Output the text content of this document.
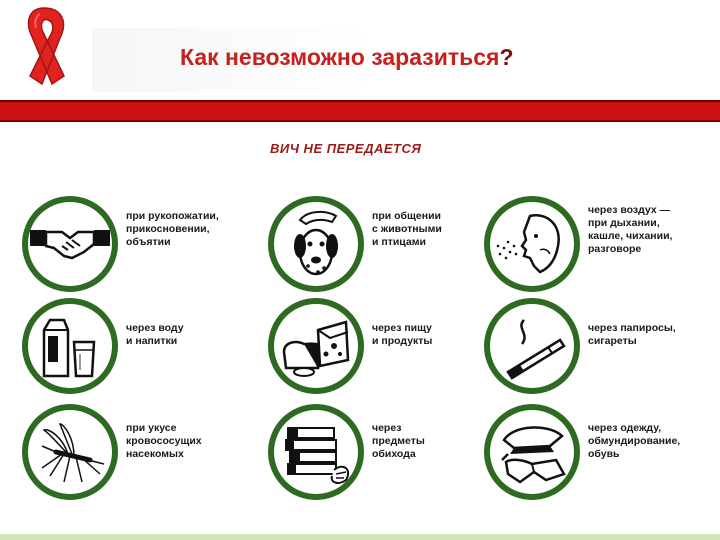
Как невозможно заразиться?
ВИЧ НЕ ПЕРЕДАЕТСЯ
при рукопожатии,
прикосновении,
объятии
при общении
с животными
и птицами
через воздух —
при дыхании,
кашле, чихании,
разговоре
через воду
и напитки
через пищу
и продукты
через папиросы,
сигареты
при укусе
кровососущих
насекомых
через
предметы
обихода
через одежду,
обмундирование,
обувь
